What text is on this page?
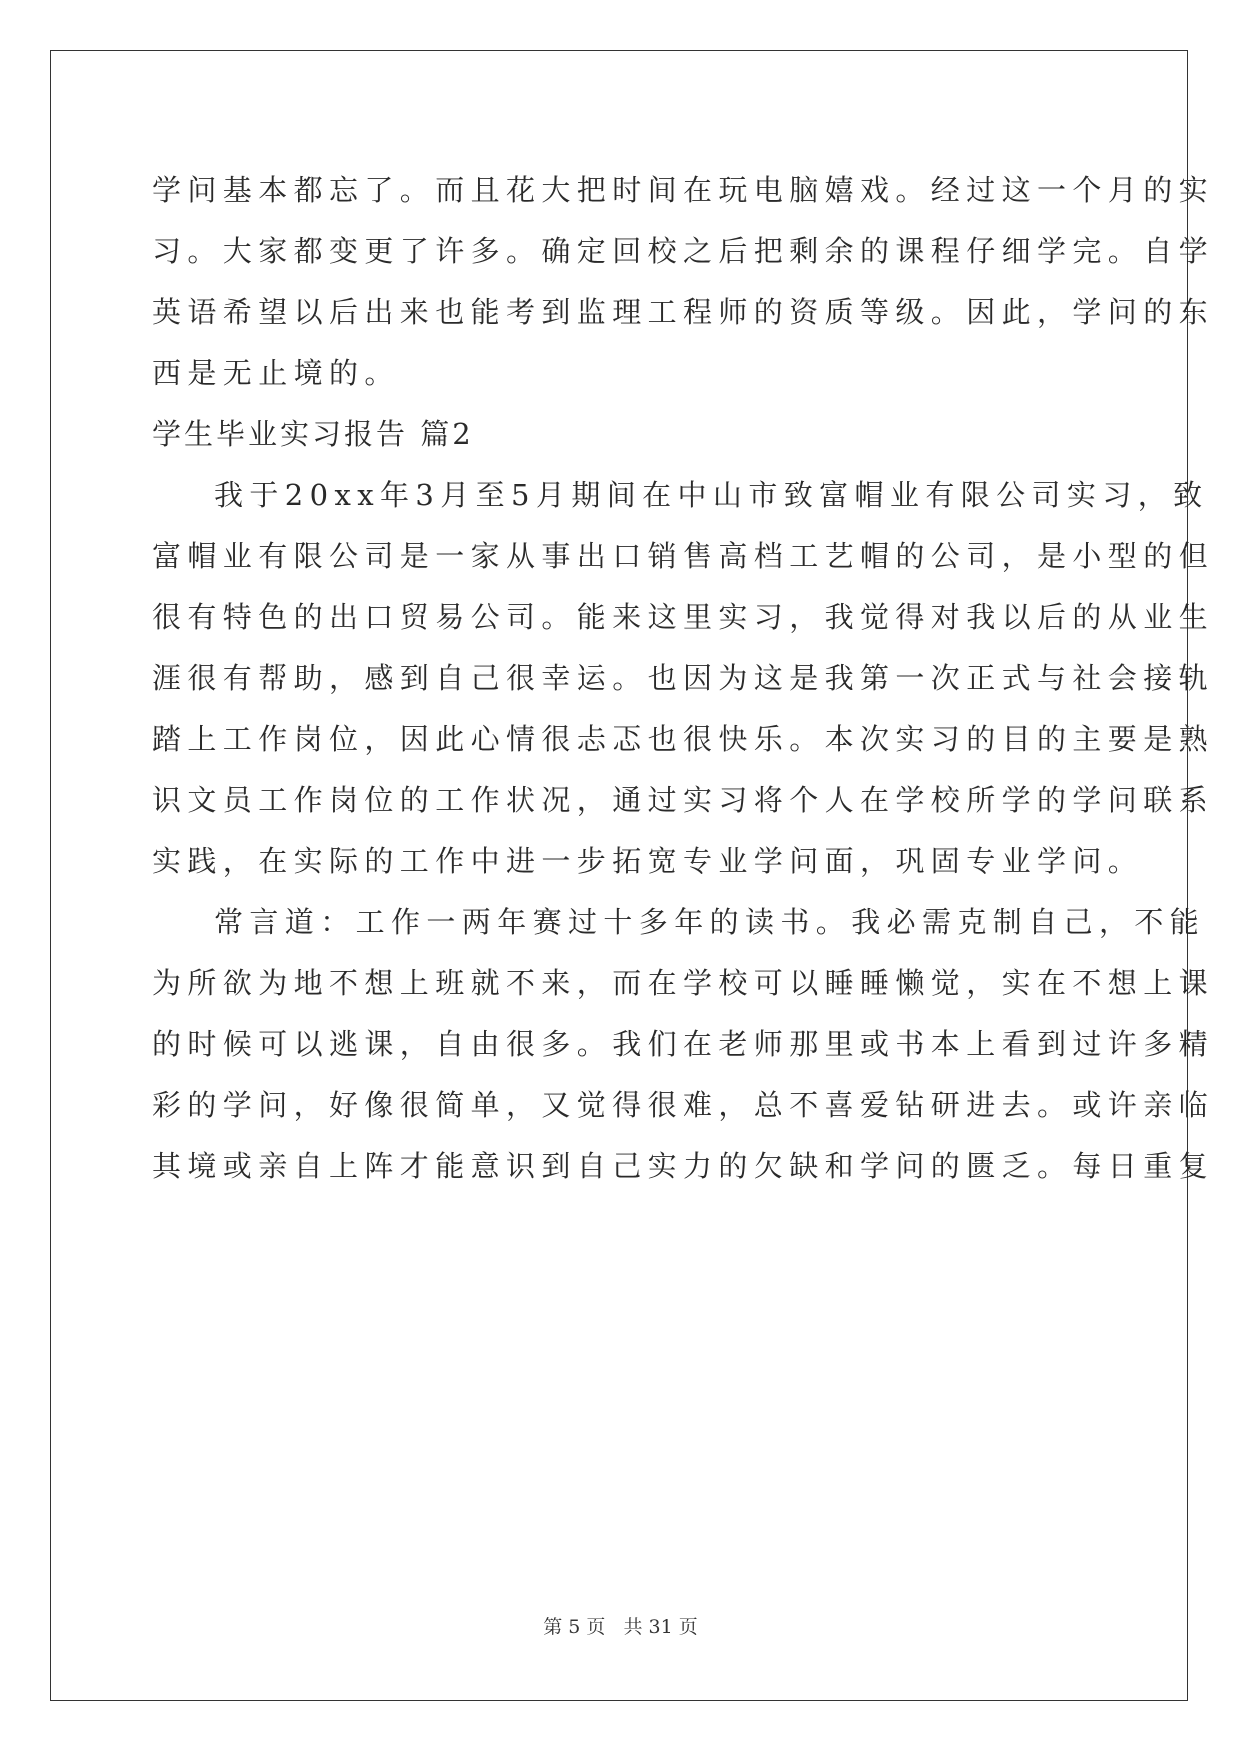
学问基本都忘了。而且花大把时间在玩电脑嬉戏。经过这一个月的实
习。大家都变更了许多。确定回校之后把剩余的课程仔细学完。自学
英语希望以后出来也能考到监理工程师的资质等级。因此，学问的东
西是无止境的。
学生毕业实习报告 篇2
我于20xx年3月至5月期间在中山市致富帽业有限公司实习，致
富帽业有限公司是一家从事出口销售高档工艺帽的公司，是小型的但
很有特色的出口贸易公司。能来这里实习，我觉得对我以后的从业生
涯很有帮助，感到自己很幸运。也因为这是我第一次正式与社会接轨
踏上工作岗位，因此心情很忐忑也很快乐。本次实习的目的主要是熟
识文员工作岗位的工作状况，通过实习将个人在学校所学的学问联系
实践，在实际的工作中进一步拓宽专业学问面，巩固专业学问。
常言道：工作一两年赛过十多年的读书。我必需克制自己，不能
为所欲为地不想上班就不来，而在学校可以睡睡懒觉，实在不想上课
的时候可以逃课，自由很多。我们在老师那里或书本上看到过许多精
彩的学问，好像很简单，又觉得很难，总不喜爱钻研进去。或许亲临
其境或亲自上阵才能意识到自己实力的欠缺和学问的匮乏。每日重复
第 5 页   共 31 页
